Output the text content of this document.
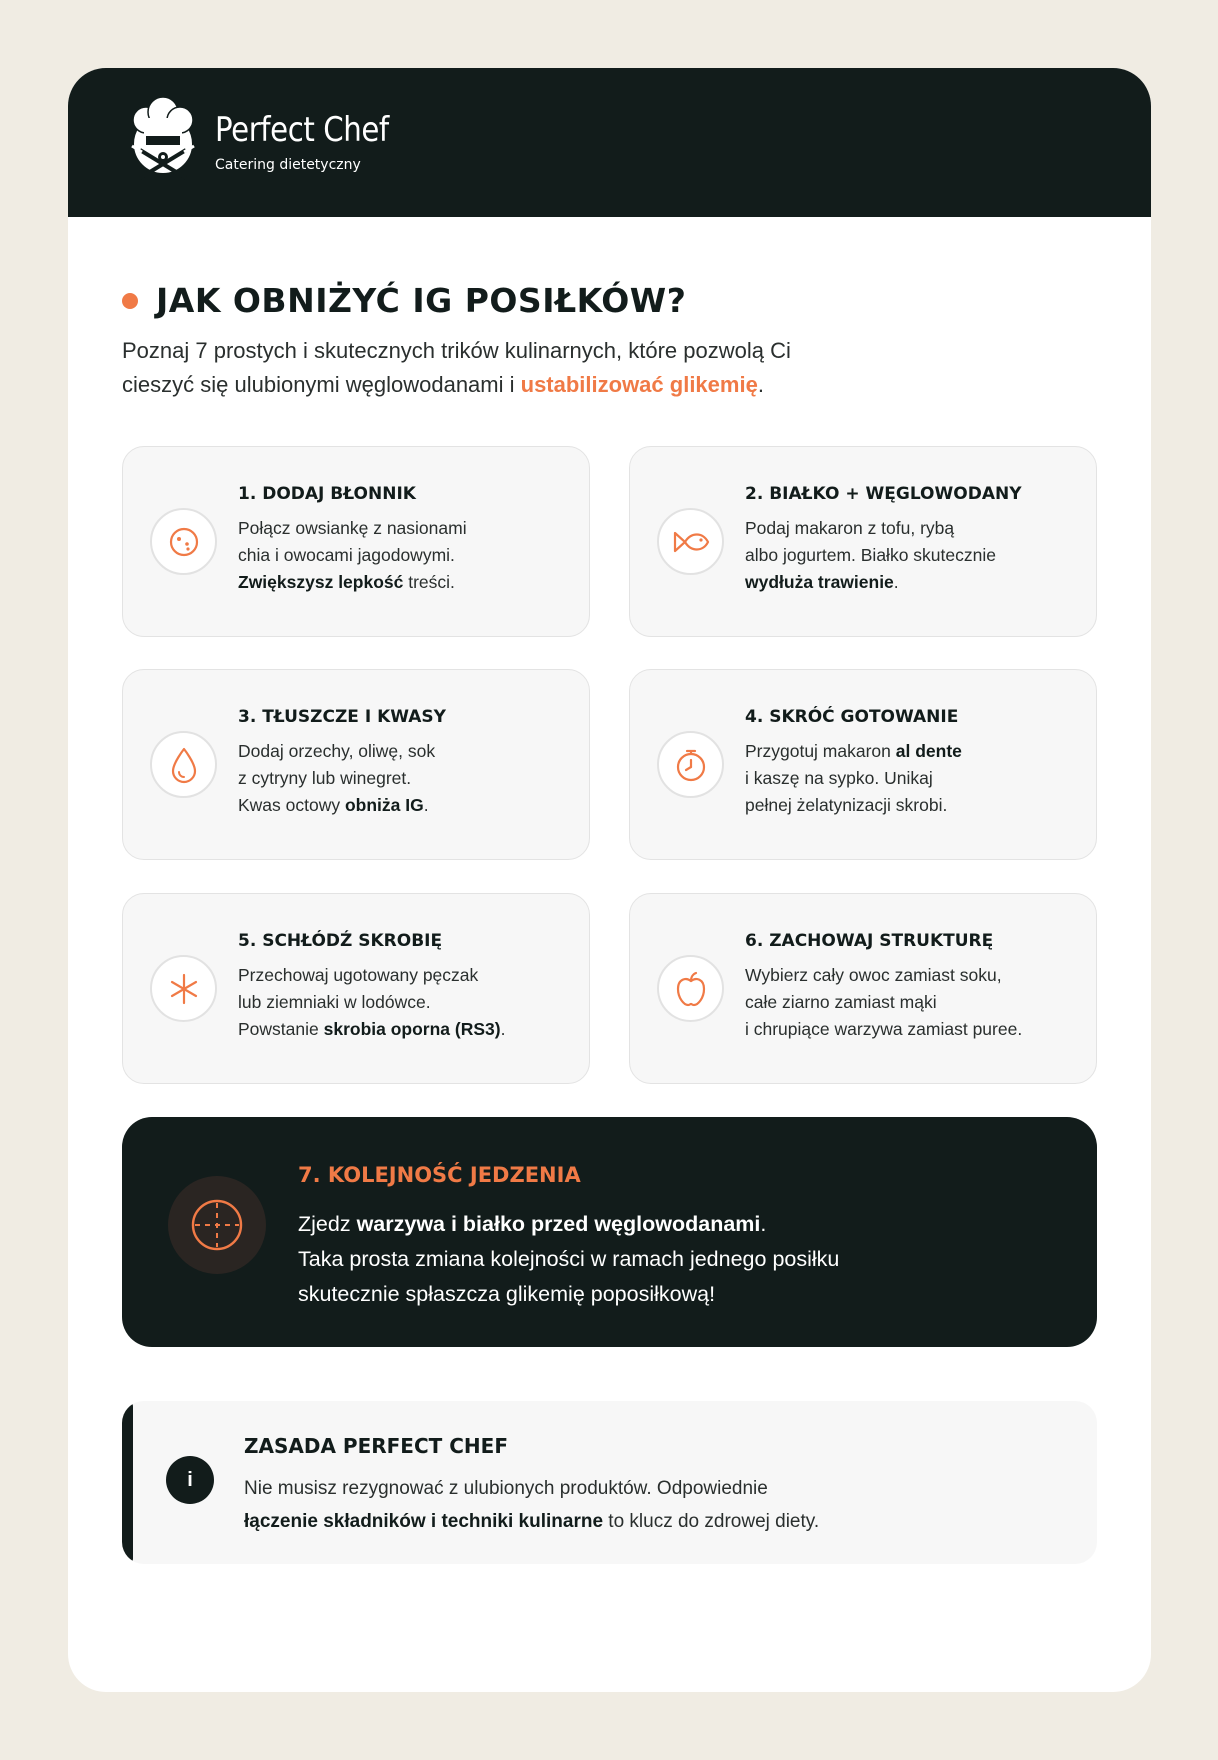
Perfect Chef
Catering dietetyczny
JAK OBNIŻYĆ IG POSIŁKÓW?

Poznaj 7 prostych i skutecznych trików kulinarnych, które pozwolą Ci
cieszyć się ulubionymi węglowodanami i ustabilizować glikemię.

1. DODAJ BŁONNIK
Połącz owsiankę z nasionami
chia i owocami jagodowymi.
Zwiększysz lepkość treści.
2. BIAŁKO + WĘGLOWODANY
Podaj makaron z tofu, rybą
albo jogurtem. Białko skutecznie
wydłuża trawienie.
3. TŁUSZCZE I KWASY
Dodaj orzechy, oliwę, sok
z cytryny lub winegret.
Kwas octowy obniża IG.
4. SKRÓĆ GOTOWANIE
Przygotuj makaron al dente
i kaszę na sypko. Unikaj
pełnej żelatynizacji skrobi.
5. SCHŁÓDŹ SKROBIĘ
Przechowaj ugotowany pęczak
lub ziemniaki w lodówce.
Powstanie skrobia oporna (RS3).
6. ZACHOWAJ STRUKTURĘ
Wybierz cały owoc zamiast soku,
całe ziarno zamiast mąki
i chrupiące warzywa zamiast puree.
7. KOLEJNOŚĆ JEDZENIA
Zjedz warzywa i białko przed węglowodanami.
Taka prosta zmiana kolejności w ramach jednego posiłku
skutecznie spłaszcza glikemię poposiłkową!
i
ZASADA PERFECT CHEF
Nie musisz rezygnować z ulubionych produktów. Odpowiednie
łączenie składników i techniki kulinarne to klucz do zdrowej diety.
